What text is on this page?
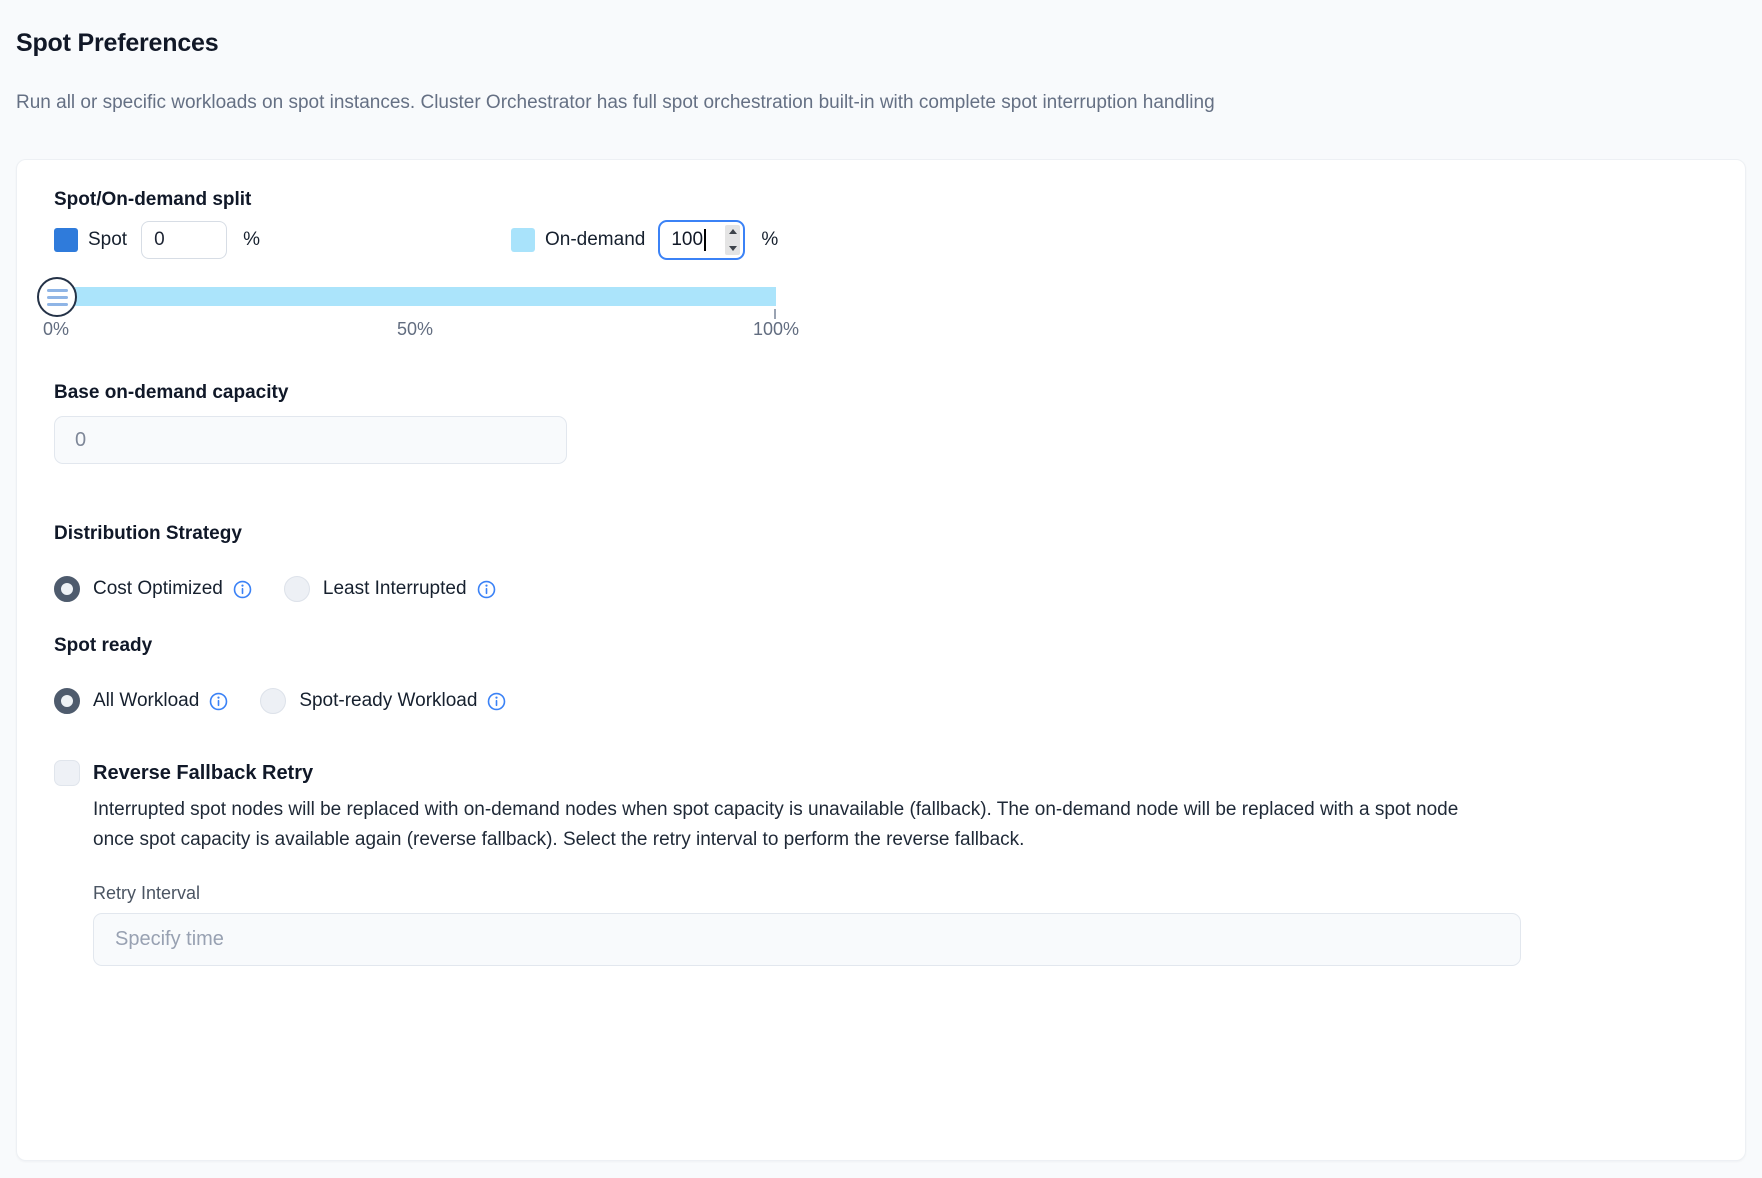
Spot Preferences
Run all or specific workloads on spot instances. Cluster Orchestrator has full spot orchestration built-in with complete spot interruption handling
Spot/On-demand split
Spot
0	%	On-demand 100	%
0%	50%	100%
Base on-demand capacity
0
Distribution Strategy
Cost Optimized	Least Interrupted
Spot ready
All Workload	Spot-ready Workload
Reverse Fallback Retry
Interrupted spot nodes will be replaced with on-demand nodes when spot capacity is unavailable (fallback). The on-demand node will be replaced with a spot node once spot capacity is available again (reverse fallback). Select the retry interval to perform the reverse fallback.
Retry Interval
Specify time
